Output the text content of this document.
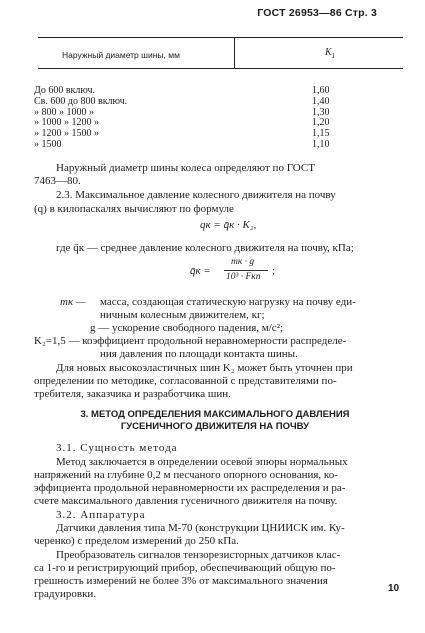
ГОСТ 26953—86 Стр. 3
Наружный диаметр шины, мм	$K_1$
До 600 включ.	1,60
Св. 600 до 800 включ.	1,40
» 800 » 1000 »	1,30
» 1000 » 1200 »	1,20
» 1200 » 1500 »	1,15
» 1500	1,10
Наружный диаметр шины колеса определяют по ГОСТ
7463—80.
2.3. Максимальное давление колесного движителя на почву
(q) в килопаскалях вычисляют по формуле
qк = q̄к · K₂,
где q̄к — среднее давление колесного движителя на почву, кПа;
q̄к =
mк · g
10³ · Fкп ;
mк — масса, создающая статическую нагрузку на почву еди-
ничным колесным движителем, кг;
g — ускорение свободного падения, м/с²;
K₂=1,5 — коэффициент продольной неравномерности распределе-
ния давления по площади контакта шины.
Для новых высокоэластичных шин K₂ может быть уточнен при
определении по методике, согласованной с представителями по-
требителя, заказчика и разработчика шин.
3. МЕТОД ОПРЕДЕЛЕНИЯ МАКСИМАЛЬНОГО ДАВЛЕНИЯ
ГУСЕНИЧНОГО ДВИЖИТЕЛЯ НА ПОЧВУ
3.1. Сущность метода
Метод заключается в определении осевой эпюры нормальных
напряжений на глубине 0,2 м песчаного опорного основания, ко-
эффициента продольной неравномерности их распределения и ра-
счете максимального давления гусеничного движителя на почву.
3.2. Аппаратура
Датчики давления типа М-70 (конструкции ЦНИИСК им. Ку-
черенко) с пределом измерений до 250 кПа.
Преобразователь сигналов тензорезисторных датчиков клас-
са 1-го и регистрирующий прибор, обеспечивающий общую по-
грешность измерений не более 3% от максимального значения
градуировки.	10
